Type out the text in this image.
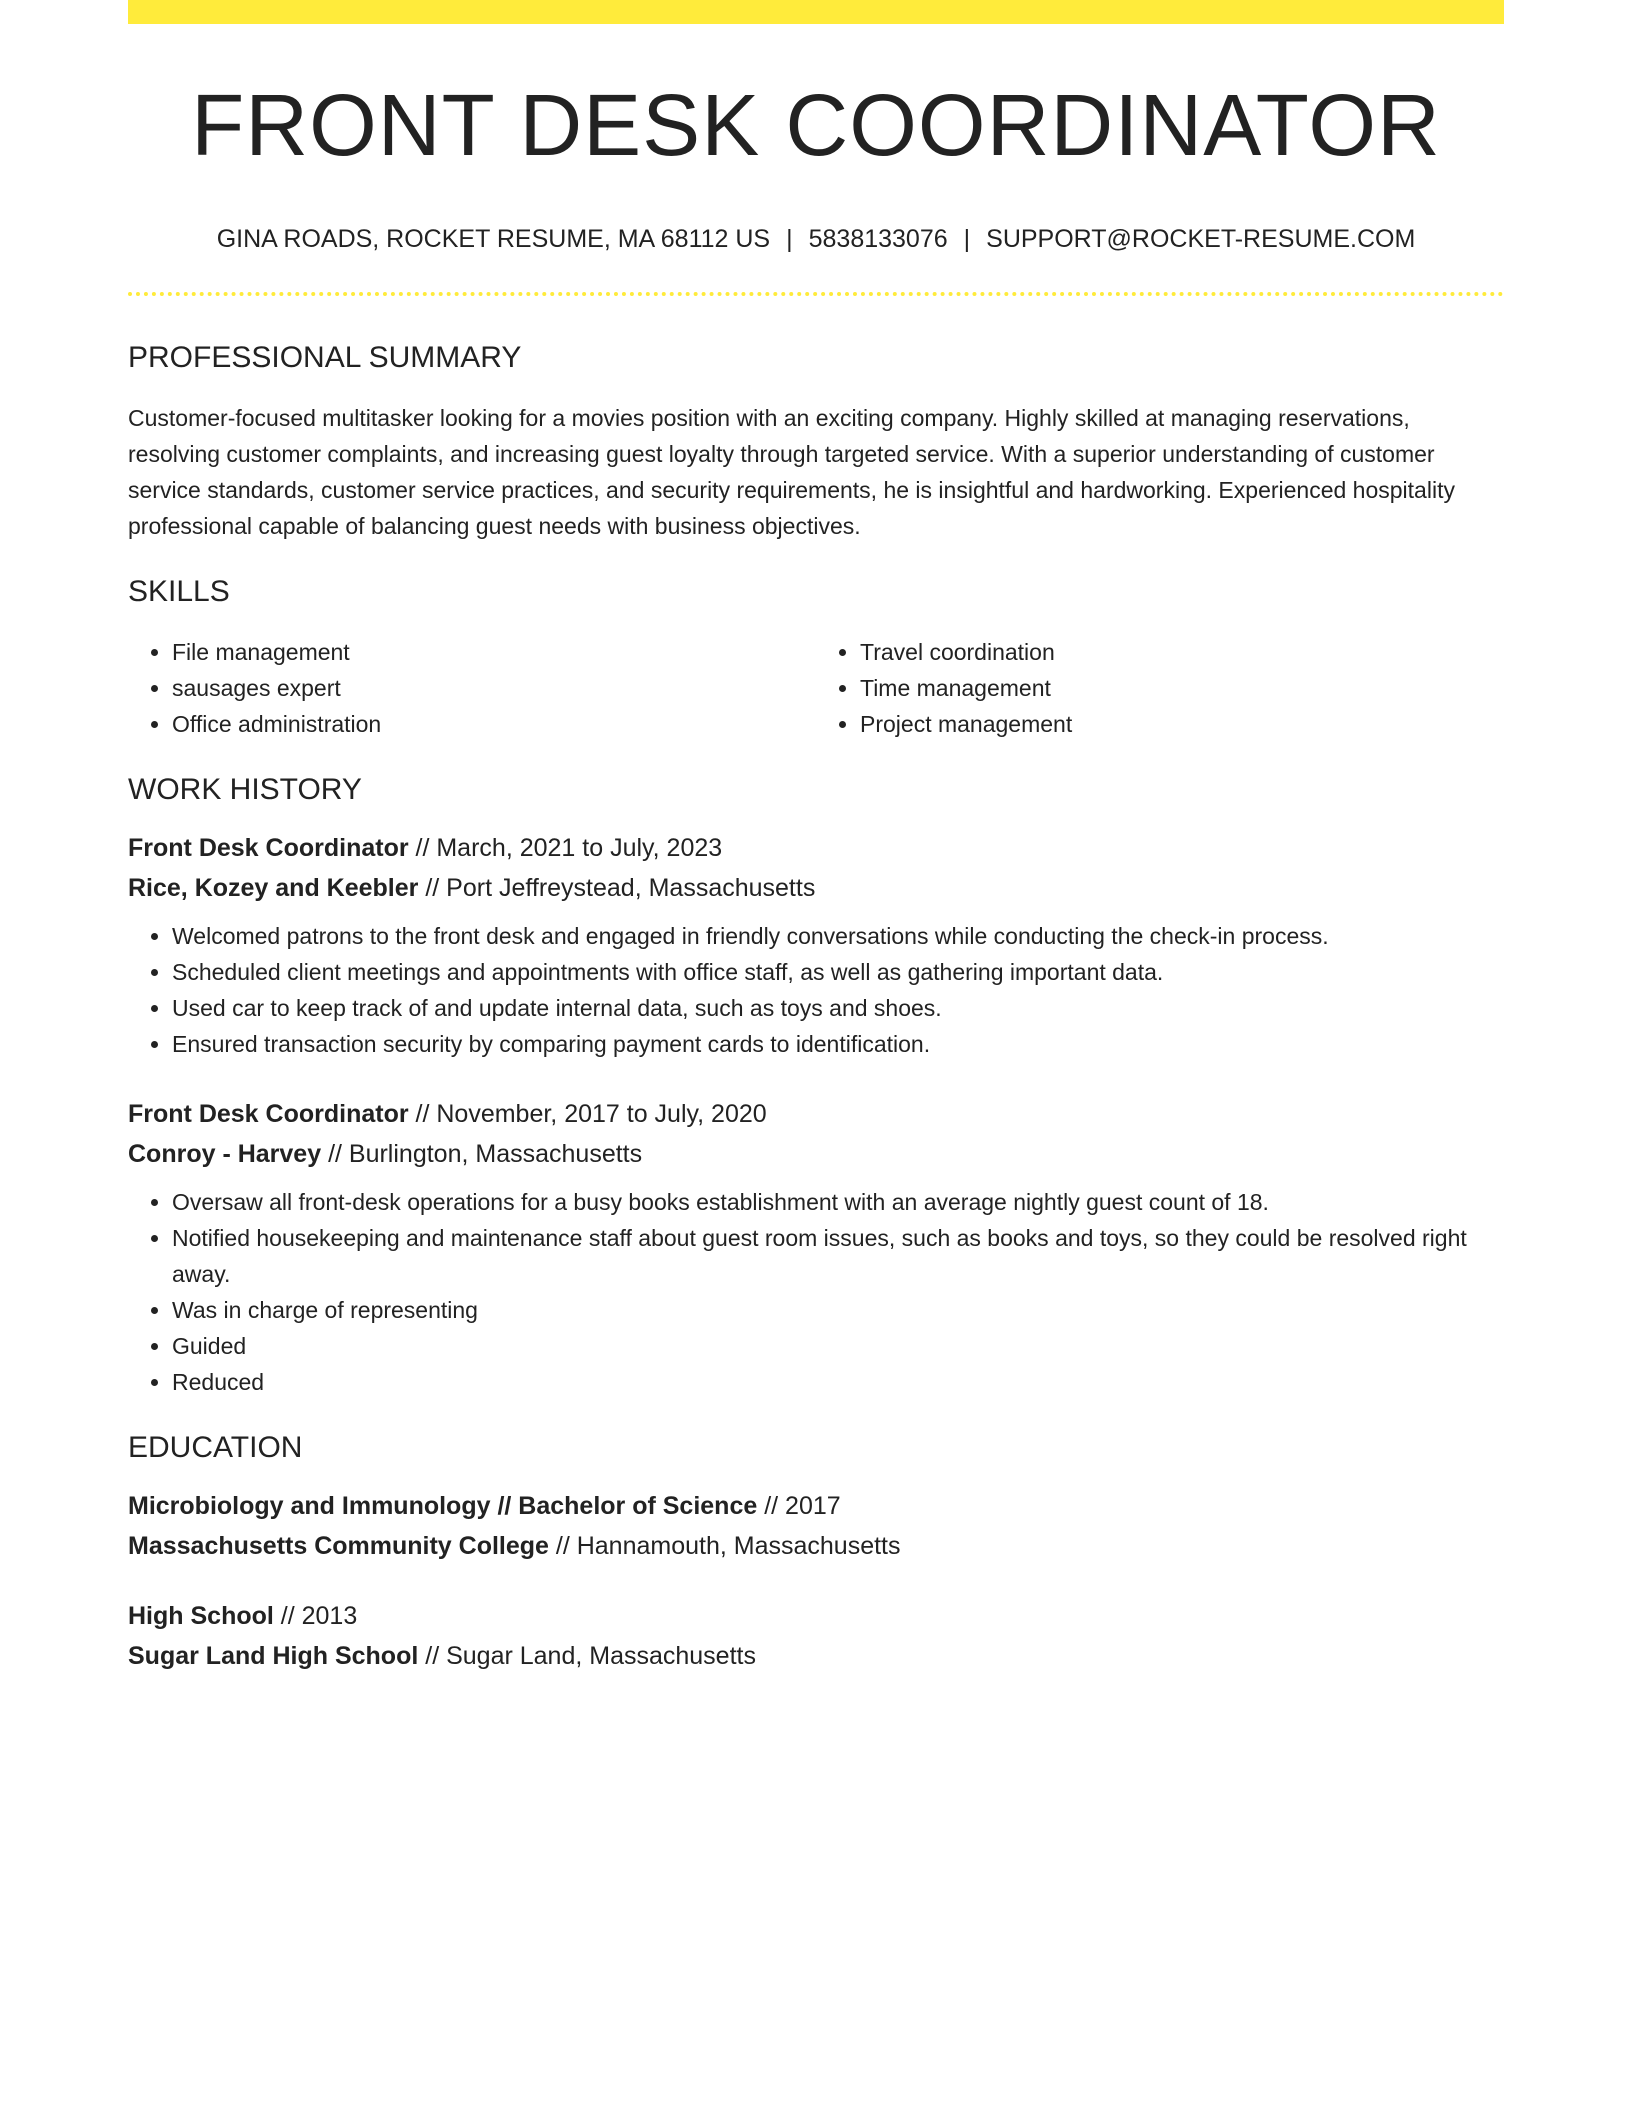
FRONT DESK COORDINATOR
GINA ROADS, ROCKET RESUME, MA 68112 US | 5838133076 | SUPPORT@ROCKET-RESUME.COM
PROFESSIONAL SUMMARY

Customer-focused multitasker looking for a movies position with an exciting company. Highly skilled at managing reservations, resolving customer complaints, and increasing guest loyalty through targeted service. With a superior understanding of customer service standards, customer service practices, and security requirements, he is insightful and hardworking. Experienced hospitality professional capable of balancing guest needs with business objectives.

SKILLS
• File management
• sausages expert
• Office administration
• Travel coordination
• Time management
• Project management
WORK HISTORY
Front Desk Coordinator // March, 2021 to July, 2023
Rice, Kozey and Keebler // Port Jeffreystead, Massachusetts
• Welcomed patrons to the front desk and engaged in friendly conversations while conducting the check-in process.
• Scheduled client meetings and appointments with office staff, as well as gathering important data.
• Used car to keep track of and update internal data, such as toys and shoes.
• Ensured transaction security by comparing payment cards to identification.
Front Desk Coordinator // November, 2017 to July, 2020
Conroy - Harvey // Burlington, Massachusetts
• Oversaw all front-desk operations for a busy books establishment with an average nightly guest count of 18.
• Notified housekeeping and maintenance staff about guest room issues, such as books and toys, so they could be resolved right away.
• Was in charge of representing
• Guided
• Reduced
EDUCATION
Microbiology and Immunology // Bachelor of Science // 2017
Massachusetts Community College // Hannamouth, Massachusetts
High School // 2013
Sugar Land High School // Sugar Land, Massachusetts
